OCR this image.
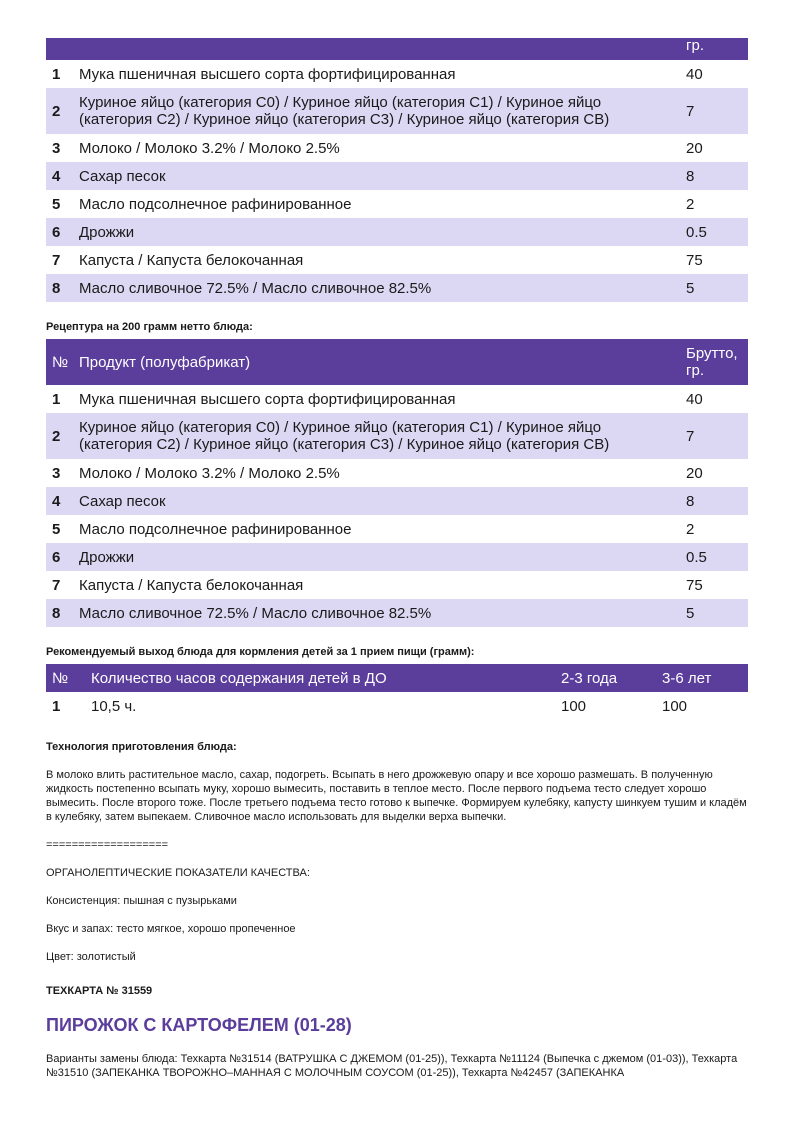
		гр.
1	Мука пшеничная высшего сорта фортифицированная	40
2	Куриное яйцо (категория С0) / Куриное яйцо (категория С1) / Куриное яйцо (категория С2) / Куриное яйцо (категория С3) / Куриное яйцо (категория СВ)	7
3	Молоко / Молоко 3.2% / Молоко 2.5%	20
4	Сахар песок	8
5	Масло подсолнечное рафинированное	2
6	Дрожжи	0.5
7	Капуста / Капуста белокочанная	75
8	Масло сливочное 72.5% / Масло сливочное 82.5%	5
Рецептура на 200 грамм нетто блюда:
№	Продукт (полуфабрикат)	Брутто, гр.
1	Мука пшеничная высшего сорта фортифицированная	40
2	Куриное яйцо (категория С0) / Куриное яйцо (категория С1) / Куриное яйцо (категория С2) / Куриное яйцо (категория С3) / Куриное яйцо (категория СВ)	7
3	Молоко / Молоко 3.2% / Молоко 2.5%	20
4	Сахар песок	8
5	Масло подсолнечное рафинированное	2
6	Дрожжи	0.5
7	Капуста / Капуста белокочанная	75
8	Масло сливочное 72.5% / Масло сливочное 82.5%	5
Рекомендуемый выход блюда для кормления детей за 1 прием пищи (грамм):
№	Количество часов содержания детей в ДО	2-3 года	3-6 лет
1	10,5 ч.	100	100
Технология приготовления блюда:

В молоко влить растительное масло, сахар, подогреть. Всыпать в него дрожжевую опару и все хорошо размешать. В полученную жидкость постепенно всыпать муку, хорошо вымесить, поставить в теплое место. После первого подъема тесто следует хорошо вымесить. После второго тоже. После третьего подъема тесто готово к выпечке. Формируем кулебяку, капусту шинкуем тушим и кладём в кулебяку, затем выпекаем. Сливочное масло использовать для выделки верха выпечки.

===================

ОРГАНОЛЕПТИЧЕСКИЕ ПОКАЗАТЕЛИ КАЧЕСТВА:

Консистенция: пышная с пузырьками

Вкус и запах: тесто мягкое, хорошо пропеченное

Цвет: золотистый

ТЕХКАРТА № 31559

ПИРОЖОК С КАРТОФЕЛЕМ (01-28)

Варианты замены блюда: Техкарта №31514 (ВАТРУШКА С ДЖЕМОМ (01-25)), Техкарта №11124 (Выпечка с джемом (01-03)), Техкарта №31510 (ЗАПЕКАНКА ТВОРОЖНО–МАННАЯ С МОЛОЧНЫМ СОУСОМ (01-25)), Техкарта №42457 (ЗАПЕКАНКА
